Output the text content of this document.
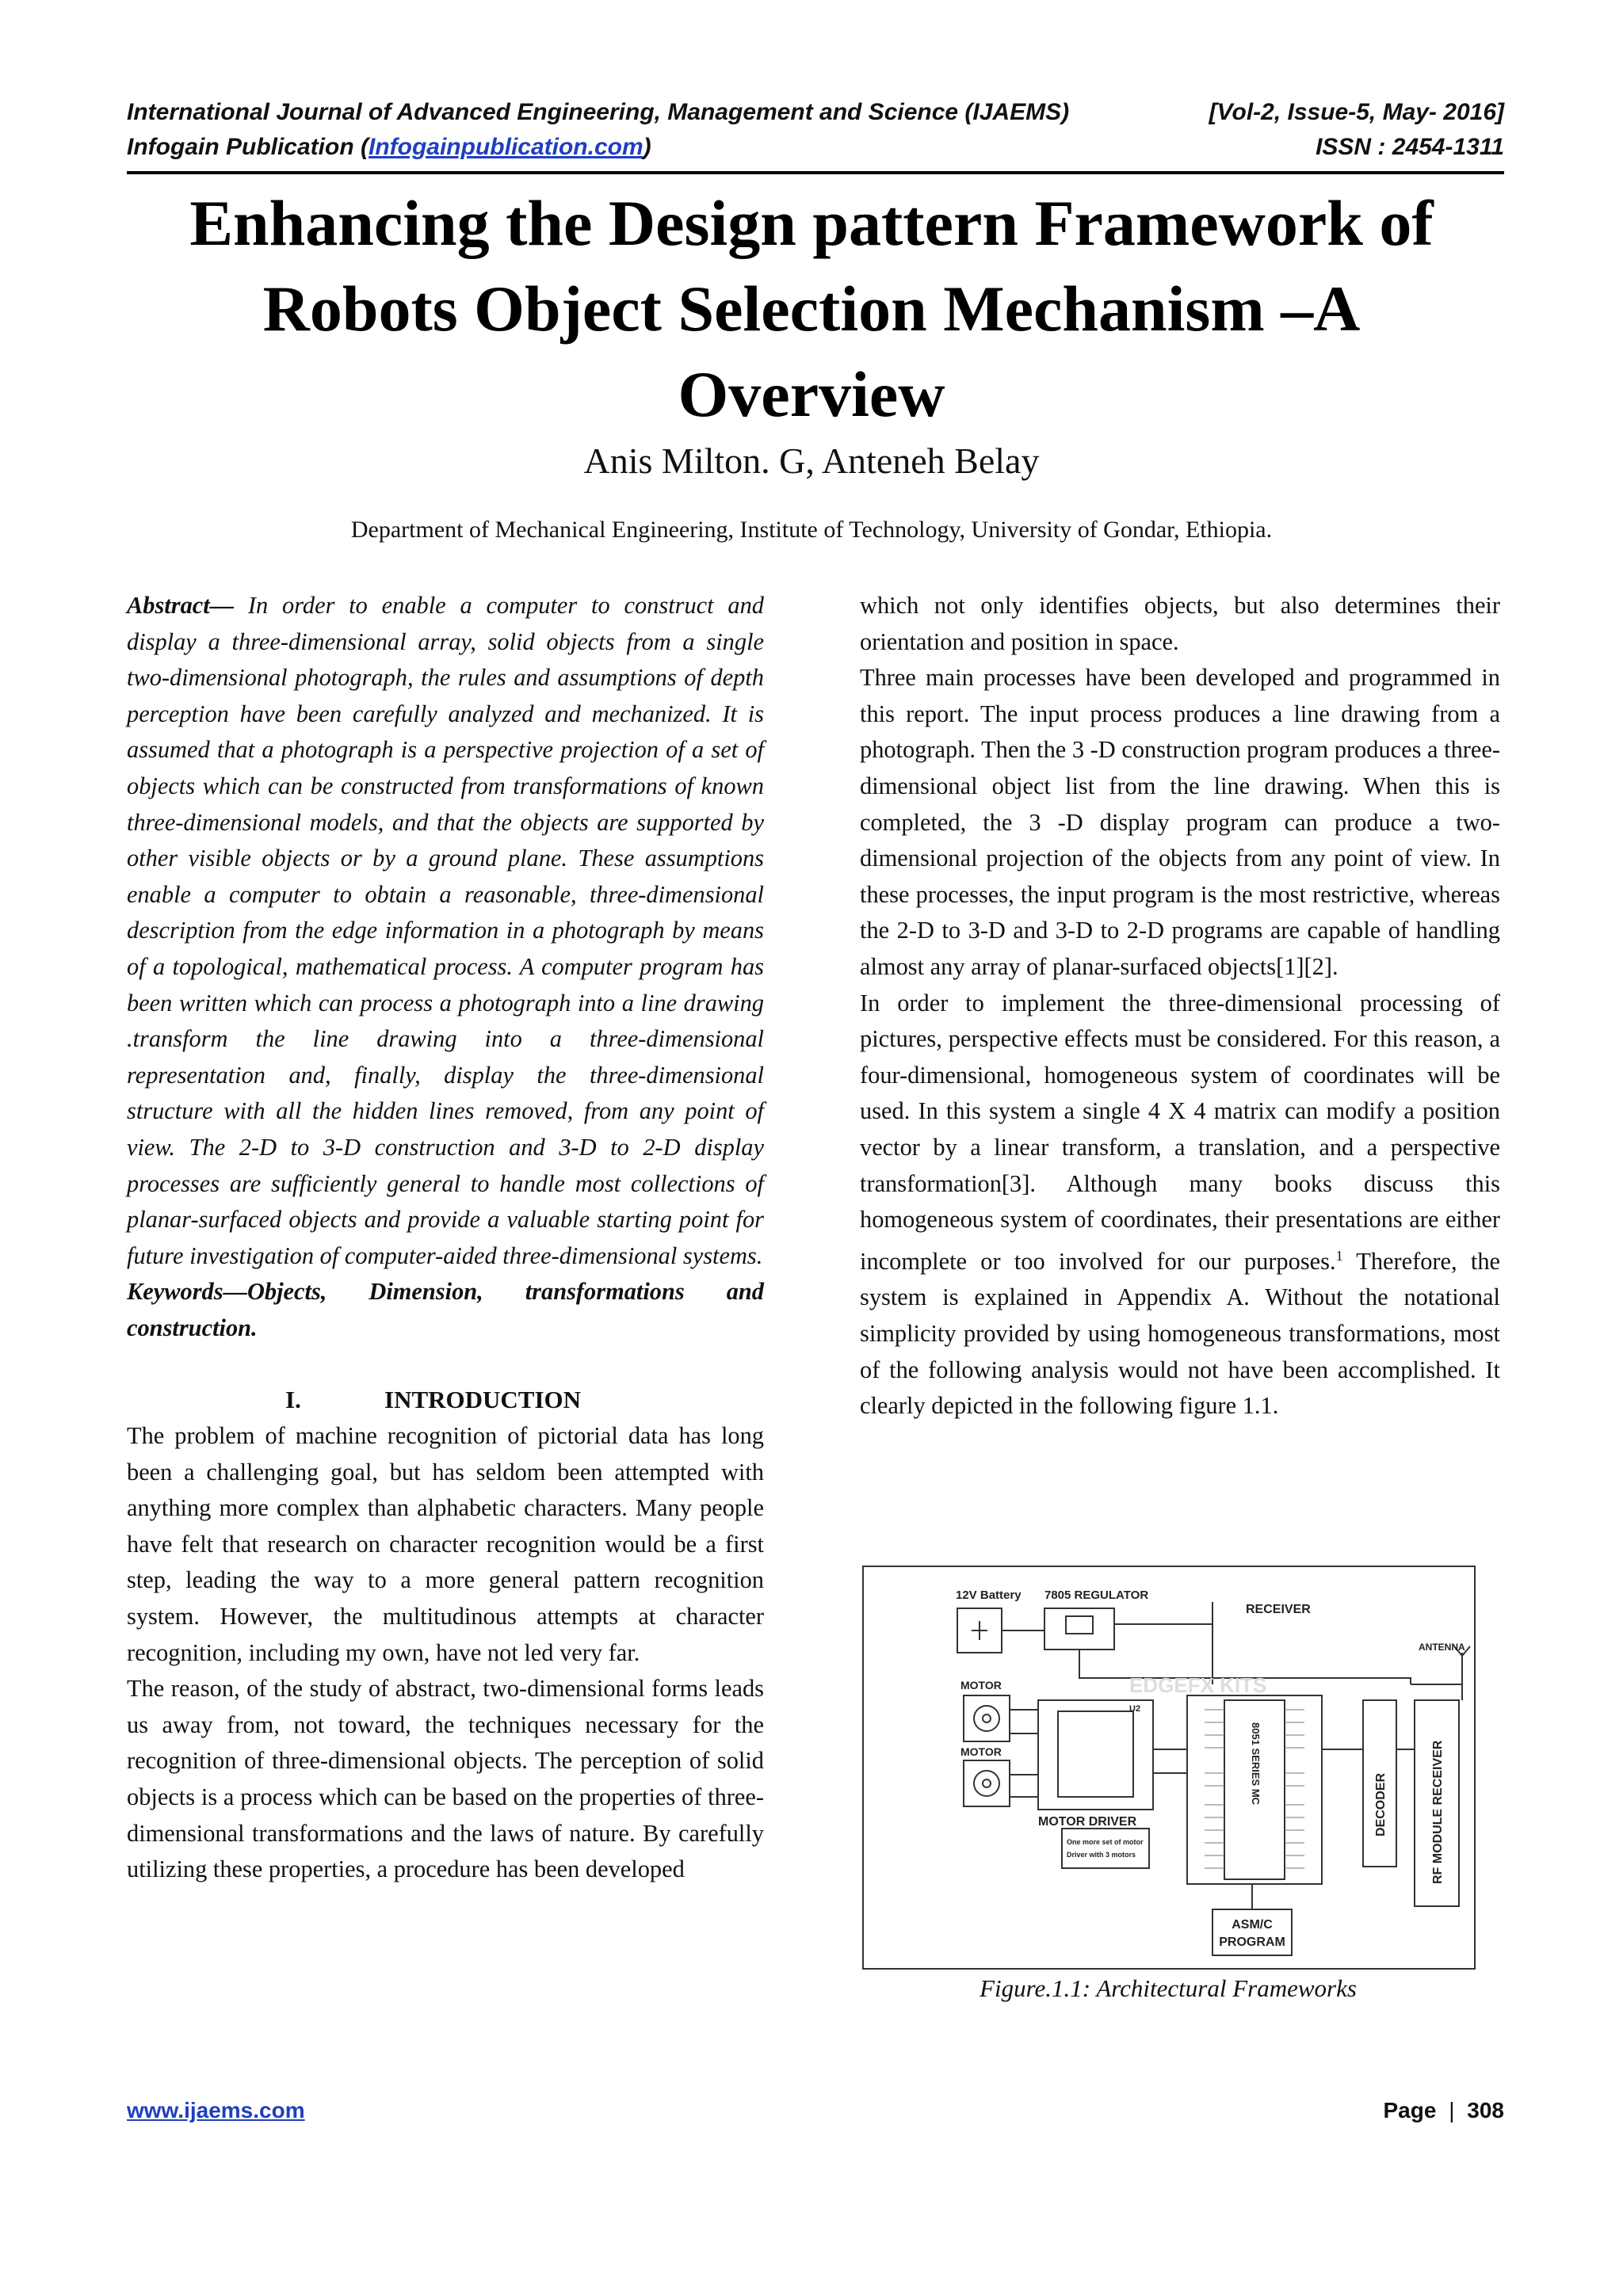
International Journal of Advanced Engineering, Management and Science (IJAEMS)	[Vol-2, Issue-5, May- 2016]
Infogain Publication (Infogainpublication.com)	ISSN : 2454-1311
Enhancing the Design pattern Framework of
Robots Object Selection Mechanism –A
Overview
Anis Milton. G, Anteneh Belay
Department of Mechanical Engineering, Institute of Technology, University of Gondar, Ethiopia.

Abstract— In order to enable a computer to construct and display a three-dimensional array, solid objects from a single two-dimensional photograph, the rules and assumptions of depth perception have been carefully analyzed and mechanized. It is assumed that a photograph is a perspective projection of a set of objects which can be constructed from transformations of known three-dimensional models, and that the objects are supported by other visible objects or by a ground plane. These assumptions enable a computer to obtain a reasonable, three-dimensional description from the edge information in a photograph by means of a topological, mathematical process. A computer program has been written which can process a photograph into a line drawing .transform the line drawing into a three-dimensional representation and, finally, display the three-dimensional structure with all the hidden lines removed, from any point of view. The 2-D to 3-D construction and 3-D to 2-D display processes are sufficiently general to handle most collections of planar-surfaced objects and provide a valuable starting point for future investigation of computer-aided three-dimensional systems.

Keywords—Objects, Dimension, transformations and construction.

I.	INTRODUCTION

The problem of machine recognition of pictorial data has long been a challenging goal, but has seldom been attempted with anything more complex than alphabetic characters. Many people have felt that research on character recognition would be a first step, leading the way to a more general pattern recognition system. However, the multitudinous attempts at character recognition, including my own, have not led very far.

The reason, of the study of abstract, two-dimensional forms leads us away from, not toward, the techniques necessary for the recognition of three-dimensional objects. The perception of solid objects is a process which can be based on the properties of three-dimensional transformations and the laws of nature. By carefully utilizing these properties, a procedure has been developed

which not only identifies objects, but also determines their orientation and position in space.

Three main processes have been developed and programmed in this report. The input process produces a line drawing from a photograph. Then the 3 -D construction program produces a three-dimensional object list from the line drawing. When this is completed, the 3 -D display program can produce a two-dimensional projection of the objects from any point of view. In these processes, the input program is the most restrictive, whereas the 2-D to 3-D and 3-D to 2-D programs are capable of handling almost any array of planar-surfaced objects[1][2].

In order to implement the three-dimensional processing of pictures, perspective effects must be considered. For this reason, a four-dimensional, homogeneous system of coordinates will be used. In this system a single 4 X 4 matrix can modify a position vector by a linear transform, a translation, and a perspective transformation[3]. Although many books discuss this homogeneous system of coordinates, their presentations are either incomplete or too involved for our purposes.$^1$ Therefore, the system is explained in Appendix A. Without the notational simplicity provided by using homogeneous transformations, most of the following analysis would not have been accomplished. It clearly depicted in the following figure 1.1.

12V Battery 7805 REGULATOR
RECEIVER
ANTENNA
MOTOR
MOTOR
EDGEFX KITS
U2
MOTOR DRIVER
One more set of motor
Driver with 3 motors
8051 SERIES MC	DECODER	RF MODULE RECEIVER
ASM/C
PROGRAM
Figure.1.1: Architectural Frameworks
www.ijaems.com	Page | 308
